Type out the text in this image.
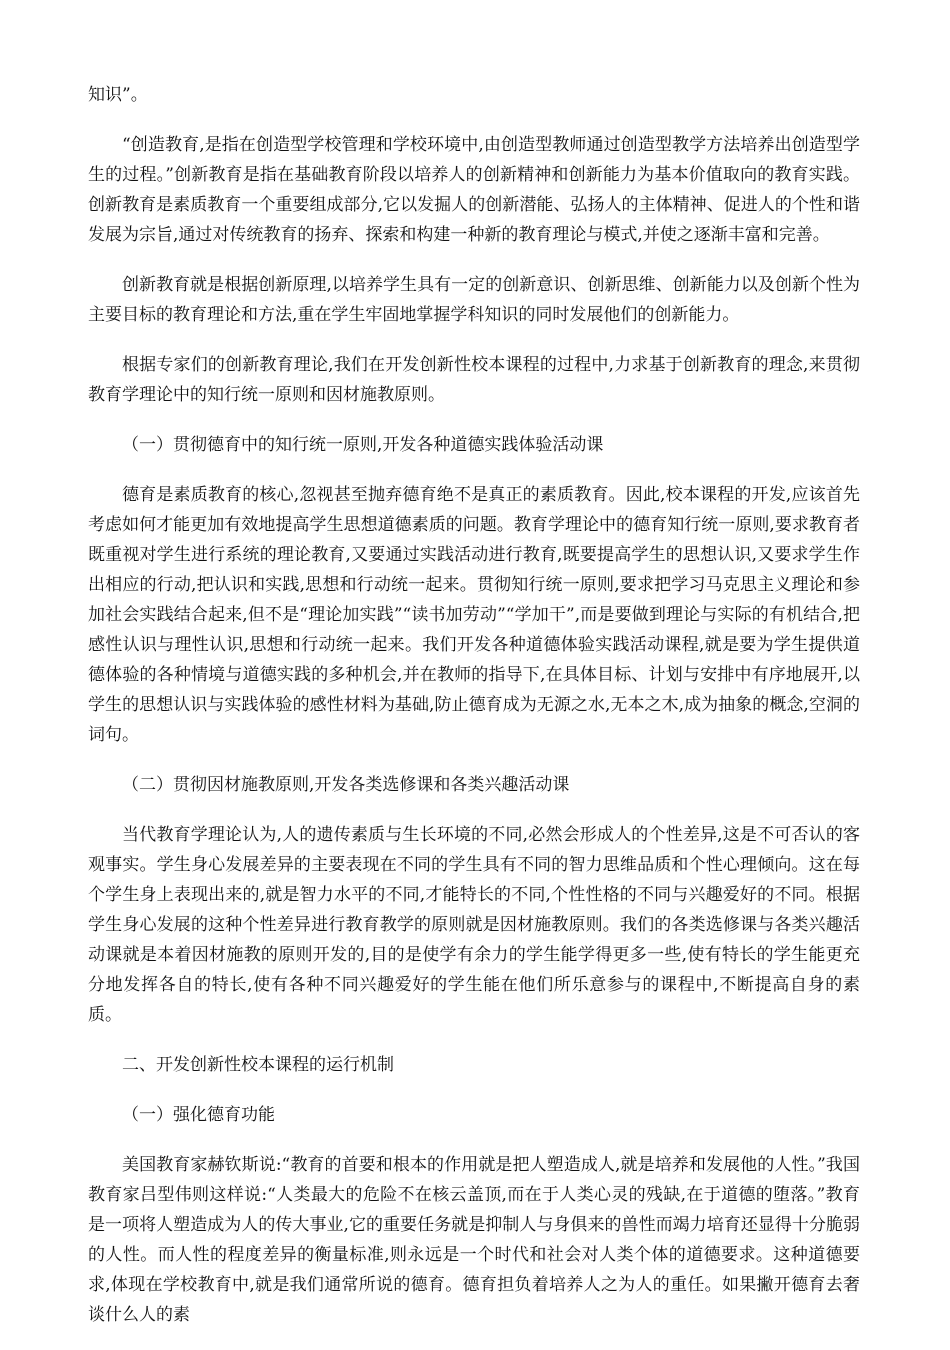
知识”。

“创造教育,是指在创造型学校管理和学校环境中,由创造型教师通过创造型教学方法培养出创造型学生的过程。”创新教育是指在基础教育阶段以培养人的创新精神和创新能力为基本价值取向的教育实践。创新教育是素质教育一个重要组成部分,它以发掘人的创新潜能、弘扬人的主体精神、促进人的个性和谐发展为宗旨,通过对传统教育的扬弃、探索和构建一种新的教育理论与模式,并使之逐渐丰富和完善。

创新教育就是根据创新原理,以培养学生具有一定的创新意识、创新思维、创新能力以及创新个性为主要目标的教育理论和方法,重在学生牢固地掌握学科知识的同时发展他们的创新能力。

根据专家们的创新教育理论,我们在开发创新性校本课程的过程中,力求基于创新教育的理念,来贯彻教育学理论中的知行统一原则和因材施教原则。

（一）贯彻德育中的知行统一原则,开发各种道德实践体验活动课

德育是素质教育的核心,忽视甚至抛弃德育绝不是真正的素质教育。因此,校本课程的开发,应该首先考虑如何才能更加有效地提高学生思想道德素质的问题。教育学理论中的德育知行统一原则,要求教育者既重视对学生进行系统的理论教育,又要通过实践活动进行教育,既要提高学生的思想认识,又要求学生作出相应的行动,把认识和实践,思想和行动统一起来。贯彻知行统一原则,要求把学习马克思主义理论和参加社会实践结合起来,但不是“理论加实践”“读书加劳动”“学加干”,而是要做到理论与实际的有机结合,把感性认识与理性认识,思想和行动统一起来。我们开发各种道德体验实践活动课程,就是要为学生提供道德体验的各种情境与道德实践的多种机会,并在教师的指导下,在具体目标、计划与安排中有序地展开,以学生的思想认识与实践体验的感性材料为基础,防止德育成为无源之水,无本之木,成为抽象的概念,空洞的词句。

（二）贯彻因材施教原则,开发各类选修课和各类兴趣活动课

当代教育学理论认为,人的遗传素质与生长环境的不同,必然会形成人的个性差异,这是不可否认的客观事实。学生身心发展差异的主要表现在不同的学生具有不同的智力思维品质和个性心理倾向。这在每个学生身上表现出来的,就是智力水平的不同,才能特长的不同,个性性格的不同与兴趣爱好的不同。根据学生身心发展的这种个性差异进行教育教学的原则就是因材施教原则。我们的各类选修课与各类兴趣活动课就是本着因材施教的原则开发的,目的是使学有余力的学生能学得更多一些,使有特长的学生能更充分地发挥各自的特长,使有各种不同兴趣爱好的学生能在他们所乐意参与的课程中,不断提高自身的素质。

二、开发创新性校本课程的运行机制

（一）强化德育功能

美国教育家赫钦斯说:“教育的首要和根本的作用就是把人塑造成人,就是培养和发展他的人性。”我国教育家吕型伟则这样说:“人类最大的危险不在核云盖顶,而在于人类心灵的残缺,在于道德的堕落。”教育是一项将人塑造成为人的传大事业,它的重要任务就是抑制人与身俱来的兽性而竭力培育还显得十分脆弱的人性。而人性的程度差异的衡量标准,则永远是一个时代和社会对人类个体的道德要求。这种道德要求,体现在学校教育中,就是我们通常所说的德育。德育担负着培养人之为人的重任。如果撇开德育去奢谈什么人的素
